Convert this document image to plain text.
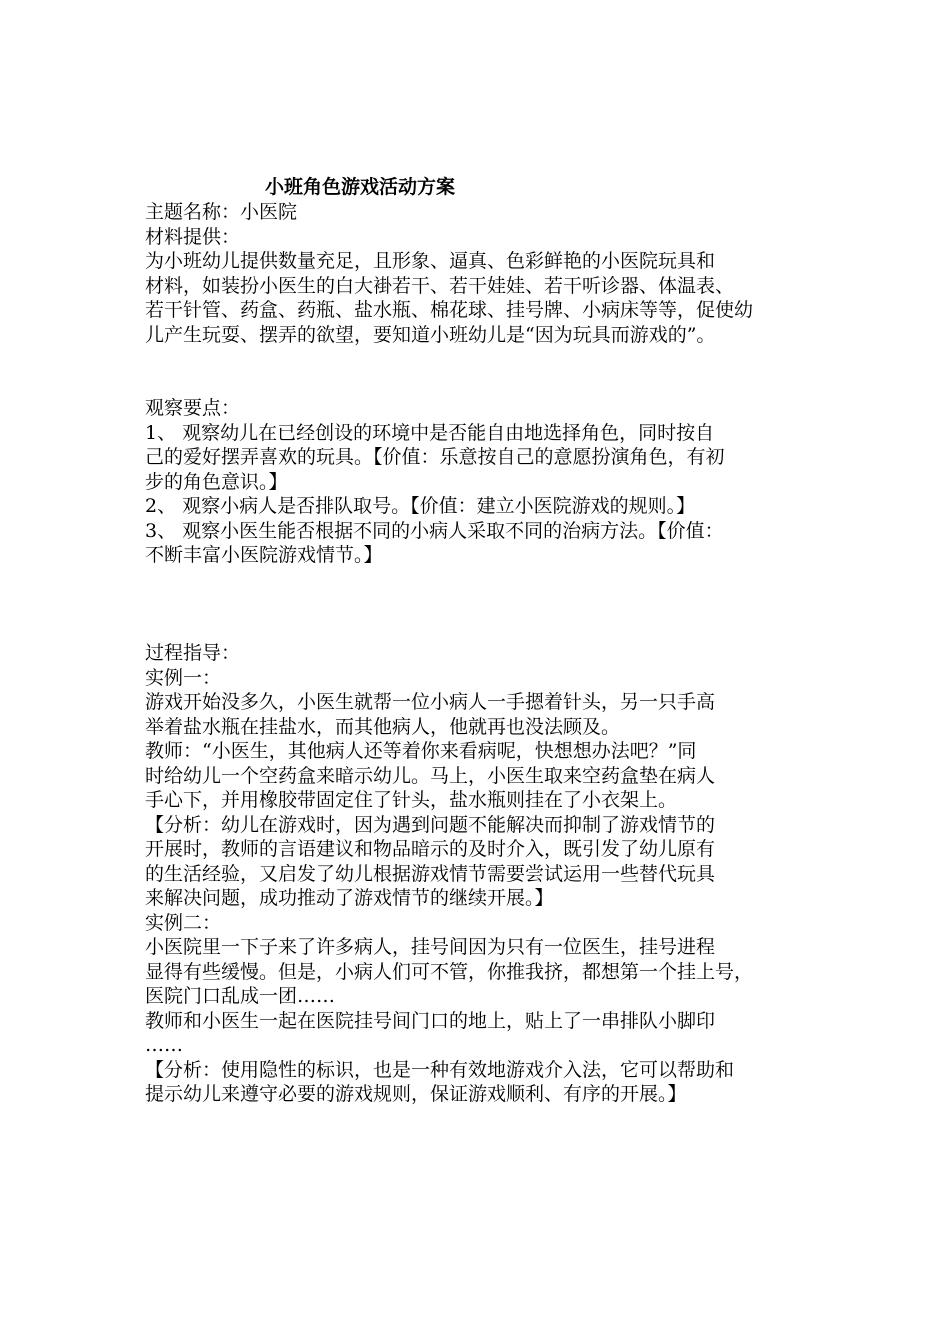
小班角色游戏活动方案
主题名称：小医院
材料提供：
为小班幼儿提供数量充足，且形象、逼真、色彩鲜艳的小医院玩具和
材料，如装扮小医生的白大褂若干、若干娃娃、若干听诊器、体温表、
若干针管、药盒、药瓶、盐水瓶、棉花球、挂号牌、小病床等等，促使幼
儿产生玩耍、摆弄的欲望，要知道小班幼儿是“因为玩具而游戏的”。
观察要点：
1、 观察幼儿在已经创设的环境中是否能自由地选择角色，同时按自
己的爱好摆弄喜欢的玩具。【价值：乐意按自己的意愿扮演角色，有初
步的角色意识。】
2、 观察小病人是否排队取号。【价值：建立小医院游戏的规则。】
3、 观察小医生能否根据不同的小病人采取不同的治病方法。【价值：
不断丰富小医院游戏情节。】
过程指导：
实例一：
游戏开始没多久，小医生就帮一位小病人一手摁着针头，另一只手高
举着盐水瓶在挂盐水，而其他病人，他就再也没法顾及。
教师：“小医生，其他病人还等着你来看病呢，快想想办法吧？”同
时给幼儿一个空药盒来暗示幼儿。马上，小医生取来空药盒垫在病人
手心下，并用橡胶带固定住了针头，盐水瓶则挂在了小衣架上。
【分析：幼儿在游戏时，因为遇到问题不能解决而抑制了游戏情节的
开展时，教师的言语建议和物品暗示的及时介入，既引发了幼儿原有
的生活经验，又启发了幼儿根据游戏情节需要尝试运用一些替代玩具
来解决问题，成功推动了游戏情节的继续开展。】
实例二：
小医院里一下子来了许多病人，挂号间因为只有一位医生，挂号进程
显得有些缓慢。但是，小病人们可不管，你推我挤，都想第一个挂上号，
医院门口乱成一团……
教师和小医生一起在医院挂号间门口的地上，贴上了一串排队小脚印
……
【分析：使用隐性的标识，也是一种有效地游戏介入法，它可以帮助和
提示幼儿来遵守必要的游戏规则，保证游戏顺利、有序的开展。】
